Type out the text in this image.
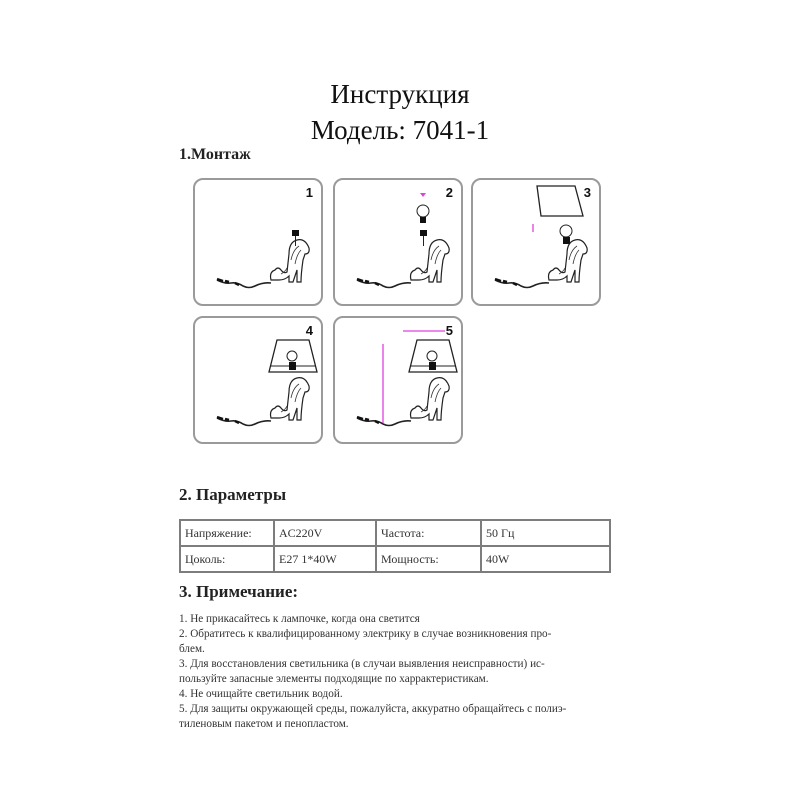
Инструкция
Модель: 7041-1
1.Монтаж
1	2	3
4	5
2. Параметры
Напряжение:	AC220V	Частота:	50 Гц
Цоколь:	E27 1*40W	Мощность:	40W
3. Примечание:
1. Не прикасайтесь к лампочке, когда она светится
2. Обратитесь к квалифицированному электрику в случае возникновения про-
блем.
3. Для восстановления светильника (в случаи выявления неисправности) ис-
пользуйте запасные элементы подходящие по харрактеристикам.
4. Не очищайте светильник водой.
5. Для защиты окружающей среды, пожалуйста, аккуратно обращайтесь с полиэ-
тиленовым пакетом и пенопластом.
